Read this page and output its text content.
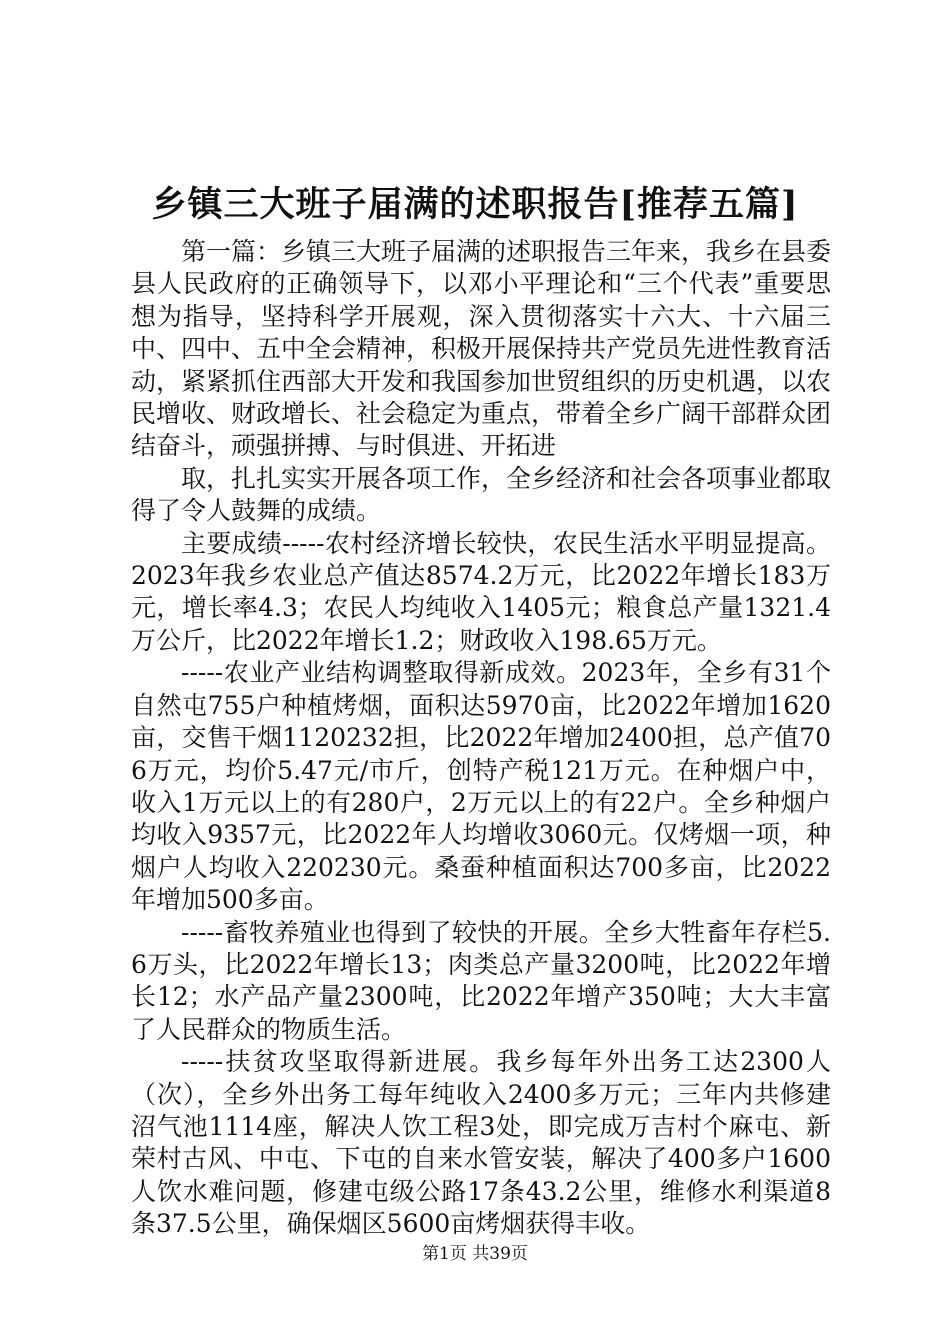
乡镇三大班子届满的述职报告[推荐五篇]

第一篇：乡镇三大班子届满的述职报告三年来，我乡在县委县人民政府的正确领导下，以邓小平理论和“三个代表”重要思想为指导，坚持科学开展观，深入贯彻落实十六大、十六届三中、四中、五中全会精神，积极开展保持共产党员先进性教育活动，紧紧抓住西部大开发和我国参加世贸组织的历史机遇，以农民增收、财政增长、社会稳定为重点，带着全乡广阔干部群众团结奋斗，顽强拼搏、与时俱进、开拓进

取，扎扎实实开展各项工作，全乡经济和社会各项事业都取得了令人鼓舞的成绩。

主要成绩-----农村经济增长较快，农民生活水平明显提高。2023年我乡农业总产值达8574.2万元，比2022年增长183万元，增长率4.3；农民人均纯收入1405元；粮食总产量1321.4万公斤，比2022年增长1.2；财政收入198.65万元。

-----农业产业结构调整取得新成效。2023年，全乡有31个自然屯755户种植烤烟，面积达5970亩，比2022年增加1620亩，交售干烟1120232担，比2022年增加2400担，总产值706万元，均价5.47元/市斤，创特产税121万元。在种烟户中，收入1万元以上的有280户，2万元以上的有22户。全乡种烟户均收入9357元，比2022年人均增收3060元。仅烤烟一项，种烟户人均收入220230元。桑蚕种植面积达700多亩，比2022年增加500多亩。

-----畜牧养殖业也得到了较快的开展。全乡大牲畜年存栏5.6万头，比2022年增长13；肉类总产量3200吨，比2022年增长12；水产品产量2300吨，比2022年增产350吨；大大丰富了人民群众的物质生活。

-----扶贫攻坚取得新进展。我乡每年外出务工达2300人（次），全乡外出务工每年纯收入2400多万元；三年内共修建沼气池1114座，解决人饮工程3处，即完成万吉村个麻屯、新荣村古风、中屯、下屯的自来水管安装，解决了400多户1600人饮水难问题，修建屯级公路17条43.2公里，维修水利渠道8条37.5公里，确保烟区5600亩烤烟获得丰收。

第1页 共39页
